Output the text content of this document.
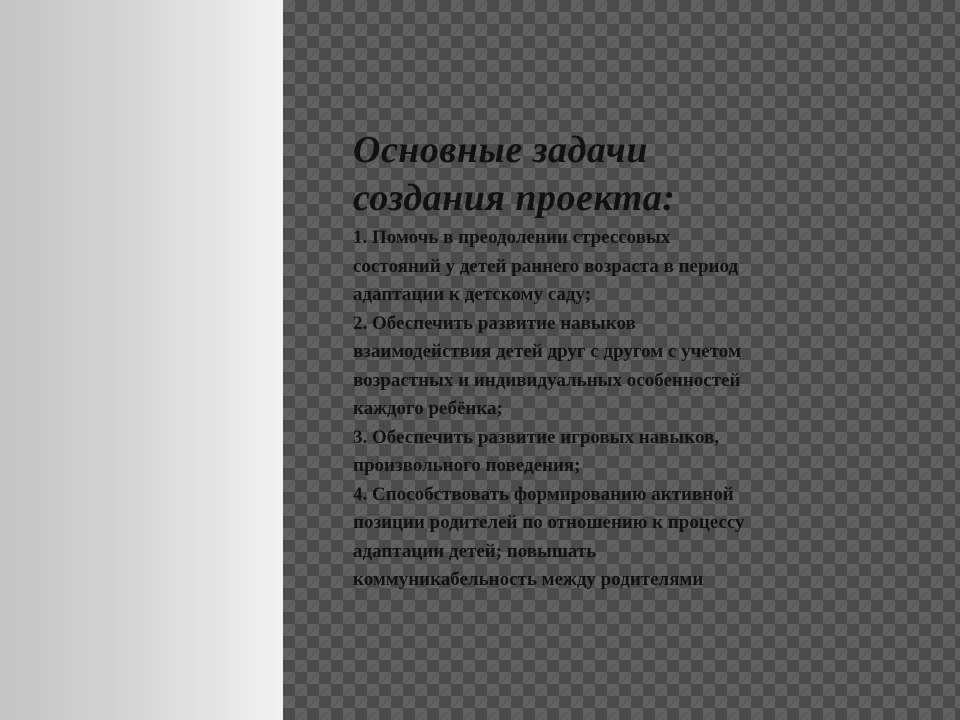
Основные задачи
создания проекта:

1. Помочь в преодолении стрессовых
состояний у детей раннего возраста в период
адаптации к детскому саду;
2. Обеспечить развитие навыков
взаимодействия детей друг с другом с учетом
возрастных и индивидуальных особенностей
каждого ребёнка;
3. Обеспечить развитие игровых навыков,
произвольного поведения;
4. Способствовать формированию активной
позиции родителей по отношению к процессу
адаптации детей; повышать
коммуникабельность между родителями
